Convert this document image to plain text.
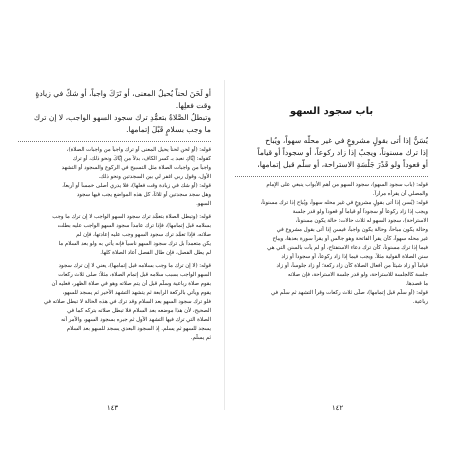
أو لَحَنَ لحناً يُحيلُ المعنى، أو تَرَكَ واجباً، أو شكّ في زيادةٍ
وقت فعلِها.
وتبطلُ الصَّلاةُ بتعمُّدِ ترك سجود السهو الواجب، لا إن ترك
ما وجب بسلامٍ قَبْلَ إتمامها.
قوله: (أو لحن لحناً يحيل المعنى أو ترك واجباً من واجبات الصلاة)،
كقوله: إيَّاكِ نعبد بـ كسر الكاف، بدلاً من إيَّاكَ ونحو ذلك، أو ترك
واجباً من واجبات الصلاة مثل التسبيح في الركوع والسجود أو التشهد
الأول، وقول ربي اغفر لي بين السجدتين ونحو ذلك.
قوله: (أو شك في زيادة وقت فعلها)، فلا يدري أصلى خمساً أو أربعاً،
وهل سجد سجدتين أو ثلاثاً، كل هذه المواضع يجب فيها سجود
السهو.
قوله: (وتبطل الصلاة بتعمُّد ترك سجود السهو الواجب لا إن ترك ما وجب
بسلامه قبل إتمامها)، فإذا ترك عامداً سجود السهو الواجب عليه بطلت
صلاته، فإذا تعمَّد ترك سجود السهو وجب عليه إعادتها، فإن لم
يكن متعمداً بل ترك سجود السهو ناسياً فإنه يأتي به ولو بعد السلام ما
لم يطل الفصل، فإن طال الفصل أعاد الصلاة كلها.
قوله: (لا إن ترك ما وجب بسلامه قبل إتمامها)، يعني لا إن ترك سجود
السهو الواجب بسبب سلامه قبل إتمام الصلاة، مثلاً: صلى ثلاث ركعات
بقوم صلاة رباعية وسلَّم قبل أن يتم صلاته وهو في صلاة الظهر، فعليه أن
يقوم ويأتي بالركعة الرابعة ثم يتشهد التشهد الأخير ثم يسجد للسهو،
فلو ترك سجود السهو بعد السلام وقد ترك في هذه الحالة لا تبطل صلاته في
الصحيح، لأن هذا موضعه بعد السلام فلا تبطل صلاته بتركه كما في
الصلاة التي ترك فيها التشهد الأول ثم جبره بسجود السهو، والأمر أنه
يسجد للسهو ثم يسلم. إذ السجود البعدي يسجد للسهو بعد السلام
ثم يسلّم.
١٤٣
باب سجود السهو
يُسَنُّ إذا أتى بقولٍ مشروعٍ في غير محلّه سهواً، ويُباح
إذا ترك مسنوناً، ويجبُ إذا زاد ركوعاً، أو سجوداً أو قياماً
أو قعوداً ولو قَدْرَ جَلْسَةِ الاستراحة، أو سلَّم قبل إتمامها،
قوله: (باب سجود السهو)، سجود السهو من أهم الأبواب ينبغي على الإمام
والمصلي أن يقرأه مراراً.
قوله: (يُسن إذا أتى بقولٍ مشروعٍ في غير محله سهواً، ويُباح إذا ترك مسنوناً،
ويجب إذا زاد ركوعاً أو سجوداً أو قياماً أو قعوداً ولو قدر جلسة
الاستراحة)، سجود السهو له ثلاث حالات: حالة يكون مسنوناً،
وحالة يكون مباحاً، وحالة يكون واجباً، فيسن إذا أتى بقول مشروع في
غير محله سهواً، كأن يقرأ الفاتحة وهو جالس أو يقرأ سورة بعدها، ويباح
فيما إذا ترك مسنوناً، كأن ترك دعاء الاستفتاح، أو لم يأت بالسنن التي هي
سنن الصلاة القولية مثلاً. ويجب فيما إذا زاد ركوعاً، أو سجوداً أو زاد
قياماً أو زاد شيئاً من أفعال الصلاة كأن زاد ركعة؛ أو زاد جلوساً، أو زاد
جلسة كالجلسة للاستراحة، ولو قدر جلسة الاستراحة، فإن صلاته
ما قصدها.
قوله: (أو سلَّم قبل إتمامها)، صلَّى ثلاث ركعات وقرأ التشهد ثم سلَّم في
رباعية.
١٤٢
